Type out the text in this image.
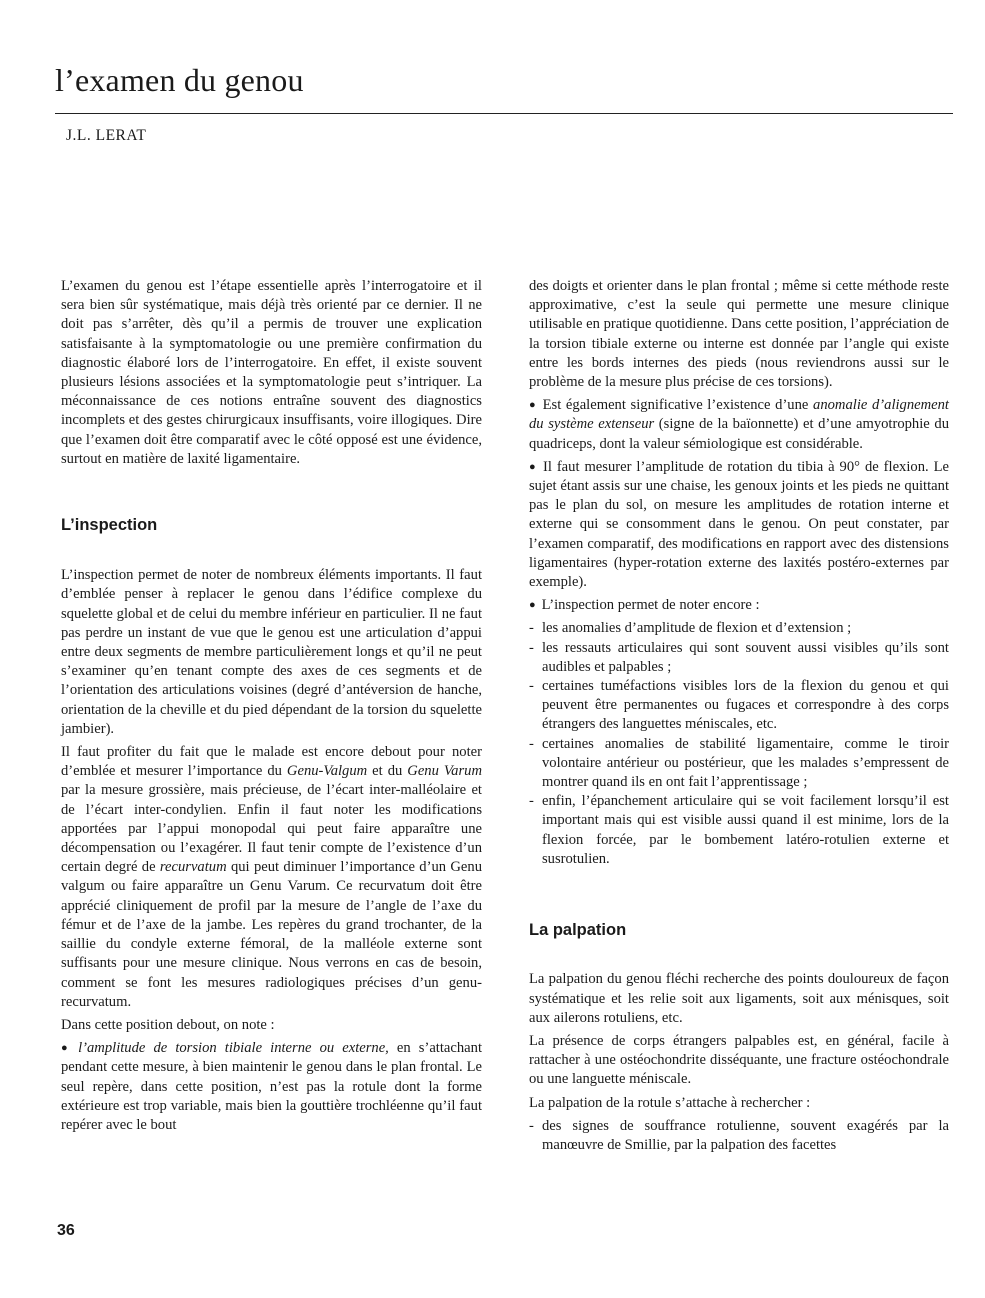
l’examen du genou
J.L. LERAT

L’examen du genou est l’étape essentielle après l’interrogatoire et il sera bien sûr systématique, mais déjà très orienté par ce dernier. Il ne doit pas s’arrêter, dès qu’il a permis de trouver une explication satisfaisante à la symptomatologie ou une première confirmation du diagnostic élaboré lors de l’interrogatoire. En effet, il existe souvent plusieurs lésions associées et la symptomatologie peut s’intriquer. La méconnaissance de ces notions entraîne souvent des diagnostics incomplets et des gestes chirurgicaux insuffisants, voire illogiques. Dire que l’examen doit être comparatif avec le côté opposé est une évidence, surtout en matière de laxité ligamentaire.

L’inspection

L’inspection permet de noter de nombreux éléments importants. Il faut d’emblée penser à replacer le genou dans l’édifice complexe du squelette global et de celui du membre inférieur en particulier. Il ne faut pas perdre un instant de vue que le genou est une articulation d’appui entre deux segments de membre particulièrement longs et qu’il ne peut s’examiner qu’en tenant compte des axes de ces segments et de l’orientation des articulations voisines (degré d’antéversion de hanche, orientation de la cheville et du pied dépendant de la torsion du squelette jambier).

Il faut profiter du fait que le malade est encore debout pour noter d’emblée et mesurer l’importance du Genu-Valgum et du Genu Varum par la mesure grossière, mais précieuse, de l’écart inter-malléolaire et de l’écart inter-condylien. Enfin il faut noter les modifications apportées par l’appui monopodal qui peut faire apparaître une décompensation ou l’exagérer. Il faut tenir compte de l’existence d’un certain degré de recurvatum qui peut diminuer l’importance d’un Genu valgum ou faire apparaître un Genu Varum. Ce recurvatum doit être apprécié cliniquement de profil par la mesure de l’angle de l’axe du fémur et de l’axe de la jambe. Les repères du grand trochanter, de la saillie du condyle externe fémoral, de la malléole externe sont suffisants pour une mesure clinique. Nous verrons en cas de besoin, comment se font les mesures radiologiques précises d’un genu-recurvatum.

Dans cette position debout, on note :

● l’amplitude de torsion tibiale interne ou externe, en s’attachant pendant cette mesure, à bien maintenir le genou dans le plan frontal. Le seul repère, dans cette position, n’est pas la rotule dont la forme extérieure est trop variable, mais bien la gouttière trochléenne qu’il faut repérer avec le bout

des doigts et orienter dans le plan frontal ; même si cette méthode reste approximative, c’est la seule qui permette une mesure clinique utilisable en pratique quotidienne. Dans cette position, l’appréciation de la torsion tibiale externe ou interne est donnée par l’angle qui existe entre les bords internes des pieds (nous reviendrons aussi sur le problème de la mesure plus précise de ces torsions).

● Est également significative l’existence d’une anomalie d’alignement du système extenseur (signe de la baïonnette) et d’une amyotrophie du quadriceps, dont la valeur sémiologique est considérable.

● Il faut mesurer l’amplitude de rotation du tibia à 90° de flexion. Le sujet étant assis sur une chaise, les genoux joints et les pieds ne quittant pas le plan du sol, on mesure les amplitudes de rotation interne et externe qui se consomment dans le genou. On peut constater, par l’examen comparatif, des modifications en rapport avec des distensions ligamentaires (hyper-rotation externe des laxités postéro-externes par exemple).

● L’inspection permet de noter encore :

- les anomalies d’amplitude de flexion et d’extension ;
- les ressauts articulaires qui sont souvent aussi visibles qu’ils sont audibles et palpables ;
- certaines tuméfactions visibles lors de la flexion du genou et qui peuvent être permanentes ou fugaces et correspondre à des corps étrangers des languettes méniscales, etc.
- certaines anomalies de stabilité ligamentaire, comme le tiroir volontaire antérieur ou postérieur, que les malades s’empressent de montrer quand ils en ont fait l’apprentissage ;
- enfin, l’épanchement articulaire qui se voit facilement lorsqu’il est important mais qui est visible aussi quand il est minime, lors de la flexion forcée, par le bombement latéro-rotulien externe et susrotulien.
La palpation

La palpation du genou fléchi recherche des points douloureux de façon systématique et les relie soit aux ligaments, soit aux ménisques, soit aux ailerons rotuliens, etc.

La présence de corps étrangers palpables est, en général, facile à rattacher à une ostéochondrite disséquante, une fracture ostéochondrale ou une languette méniscale.

La palpation de la rotule s’attache à rechercher :

- des signes de souffrance rotulienne, souvent exagérés par la manœuvre de Smillie, par la palpation des facettes
36
